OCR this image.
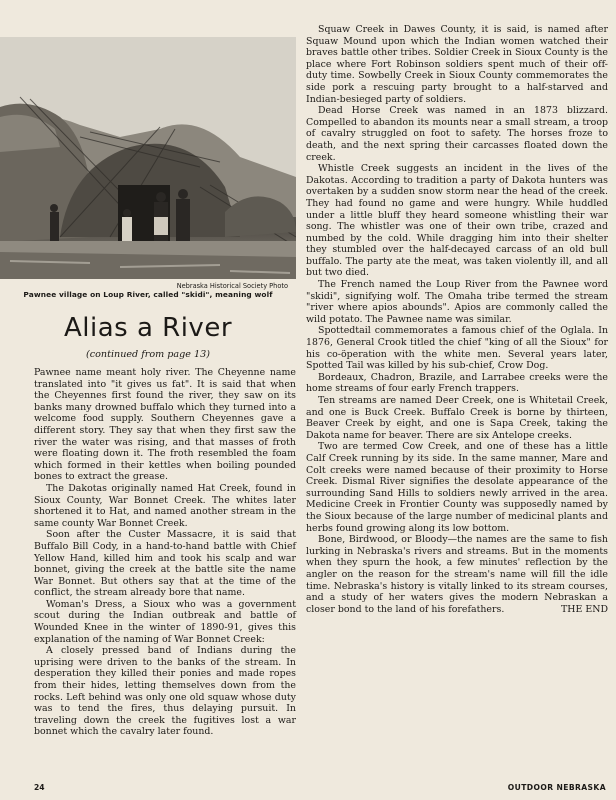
Nebraska Historical Society Photo
Pawnee village on Loup River, called "skidi", meaning wolf
Alias a River
(continued from page 13)

Pawnee name meant holy river. The Cheyenne name translated into "it gives us fat". It is said that when the Cheyennes first found the river, they saw on its banks many drowned buffalo which they turned into a welcome food supply. Southern Cheyennes gave a different story. They say that when they first saw the river the water was rising, and that masses of froth were floating down it. The froth resembled the foam which formed in their kettles when boiling pounded bones to extract the grease.

The Dakotas originally named Hat Creek, found in Sioux County, War Bonnet Creek. The whites later shortened it to Hat, and named another stream in the same county War Bonnet Creek.

Soon after the Custer Massacre, it is said that Buffalo Bill Cody, in a hand-to-hand battle with Chief Yellow Hand, killed him and took his scalp and war bonnet, giving the creek at the battle site the name War Bonnet. But others say that at the time of the conflict, the stream already bore that name.

Woman's Dress, a Sioux who was a government scout during the Indian outbreak and battle of Wounded Knee in the winter of 1890-91, gives this explanation of the naming of War Bonnet Creek:

A closely pressed band of Indians during the uprising were driven to the banks of the stream. In desperation they killed their ponies and made ropes from their hides, letting themselves down from the rocks. Left behind was only one old squaw whose duty was to tend the fires, thus delaying pursuit. In traveling down the creek the fugitives lost a war bonnet which the cavalry later found.

Squaw Creek in Dawes County, it is said, is named after Squaw Mound upon which the Indian women watched their braves battle other tribes. Soldier Creek in Sioux County is the place where Fort Robinson soldiers spent much of their off-duty time. Sowbelly Creek in Sioux County commemorates the side pork a rescuing party brought to a half-starved and Indian-besieged party of soldiers.

Dead Horse Creek was named in an 1873 blizzard. Compelled to abandon its mounts near a small stream, a troop of cavalry struggled on foot to safety. The horses froze to death, and the next spring their carcasses floated down the creek.

Whistle Creek suggests an incident in the lives of the Dakotas. According to tradition a party of Dakota hunters was overtaken by a sudden snow storm near the head of the creek. They had found no game and were hungry. While huddled under a little bluff they heard someone whistling their war song. The whistler was one of their own tribe, crazed and numbed by the cold. While dragging him into their shelter they stumbled over the half-decayed carcass of an old bull buffalo. The party ate the meat, was taken violently ill, and all but two died.

The French named the Loup River from the Pawnee word "skidi", signifying wolf. The Omaha tribe termed the stream "river where apios abounds". Apios are commonly called the wild potato. The Pawnee name was similar.

Spottedtail commemorates a famous chief of the Oglala. In 1876, General Crook titled the chief "king of all the Sioux" for his co-öperation with the white men. Several years later, Spotted Tail was killed by his sub-chief, Crow Dog.

Bordeaux, Chadron, Brazile, and Larrabee creeks were the home streams of four early French trappers.

Ten streams are named Deer Creek, one is Whitetail Creek, and one is Buck Creek. Buffalo Creek is borne by thirteen, Beaver Creek by eight, and one is Sapa Creek, taking the Dakota name for beaver. There are six Antelope creeks.

Two are termed Cow Creek, and one of these has a little Calf Creek running by its side. In the same manner, Mare and Colt creeks were named because of their proximity to Horse Creek. Dismal River signifies the desolate appearance of the surrounding Sand Hills to soldiers newly arrived in the area. Medicine Creek in Frontier County was supposedly named by the Sioux because of the large number of medicinal plants and herbs found growing along its low bottom.

Bone, Birdwood, or Bloody—the names are the same to fish lurking in Nebraska's rivers and streams. But in the moments when they spurn the hook, a few minutes' reflection by the angler on the reason for the stream's name will fill the idle time. Nebraska's history is vitally linked to its stream courses, and a study of her waters gives the modern Nebraskan a closer bond to the land of his forefathers.	THE END

24	OUTDOOR NEBRASKA
